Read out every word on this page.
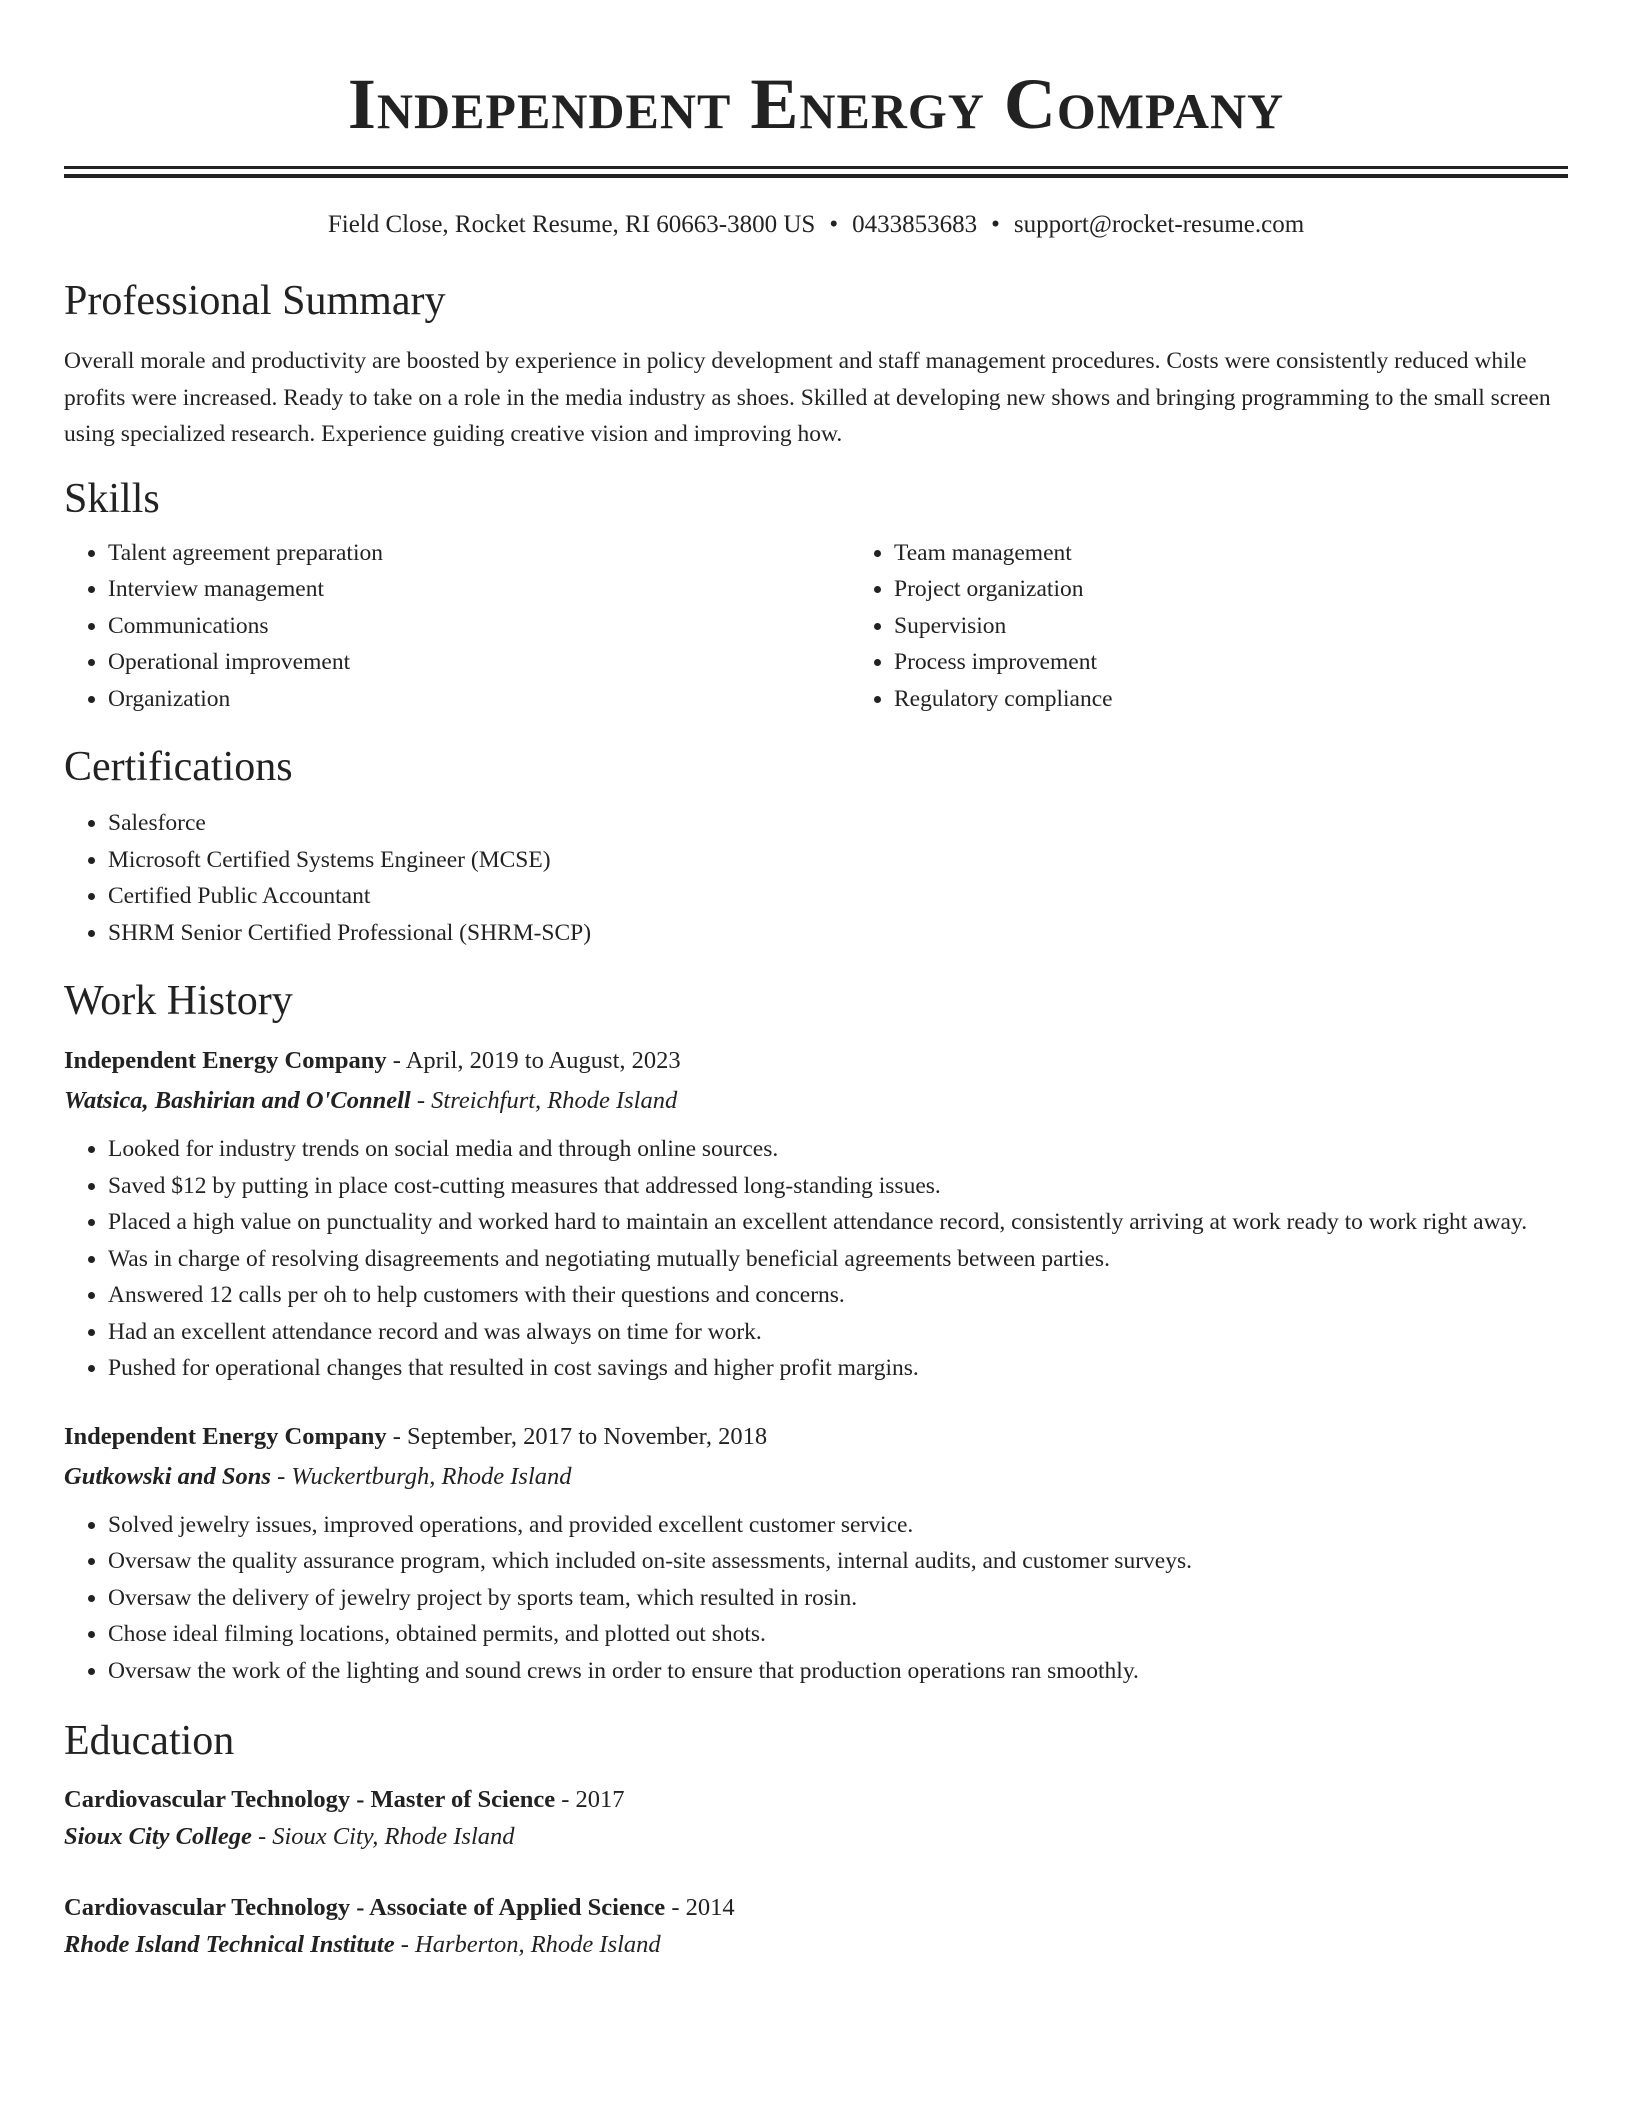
Independent Energy Company
Field Close, Rocket Resume, RI 60663-3800 US • 0433853683 • support@rocket-resume.com
Professional Summary

Overall morale and productivity are boosted by experience in policy development and staff management procedures. Costs were consistently reduced while profits were increased. Ready to take on a role in the media industry as shoes. Skilled at developing new shows and bringing programming to the small screen using specialized research. Experience guiding creative vision and improving how.

Skills
• Talent agreement preparation
• Interview management
• Communications
• Operational improvement
• Organization
• Team management
• Project organization
• Supervision
• Process improvement
• Regulatory compliance
Certifications
• Salesforce
• Microsoft Certified Systems Engineer (MCSE)
• Certified Public Accountant
• SHRM Senior Certified Professional (SHRM-SCP)
Work History
Independent Energy Company - April, 2019 to August, 2023
Watsica, Bashirian and O'Connell - Streichfurt, Rhode Island
• Looked for industry trends on social media and through online sources.
• Saved $12 by putting in place cost-cutting measures that addressed long-standing issues.
• Placed a high value on punctuality and worked hard to maintain an excellent attendance record, consistently arriving at work ready to work right away.
• Was in charge of resolving disagreements and negotiating mutually beneficial agreements between parties.
• Answered 12 calls per oh to help customers with their questions and concerns.
• Had an excellent attendance record and was always on time for work.
• Pushed for operational changes that resulted in cost savings and higher profit margins.
Independent Energy Company - September, 2017 to November, 2018
Gutkowski and Sons - Wuckertburgh, Rhode Island
• Solved jewelry issues, improved operations, and provided excellent customer service.
• Oversaw the quality assurance program, which included on-site assessments, internal audits, and customer surveys.
• Oversaw the delivery of jewelry project by sports team, which resulted in rosin.
• Chose ideal filming locations, obtained permits, and plotted out shots.
• Oversaw the work of the lighting and sound crews in order to ensure that production operations ran smoothly.
Education
Cardiovascular Technology - Master of Science - 2017
Sioux City College - Sioux City, Rhode Island
Cardiovascular Technology - Associate of Applied Science - 2014
Rhode Island Technical Institute - Harberton, Rhode Island
